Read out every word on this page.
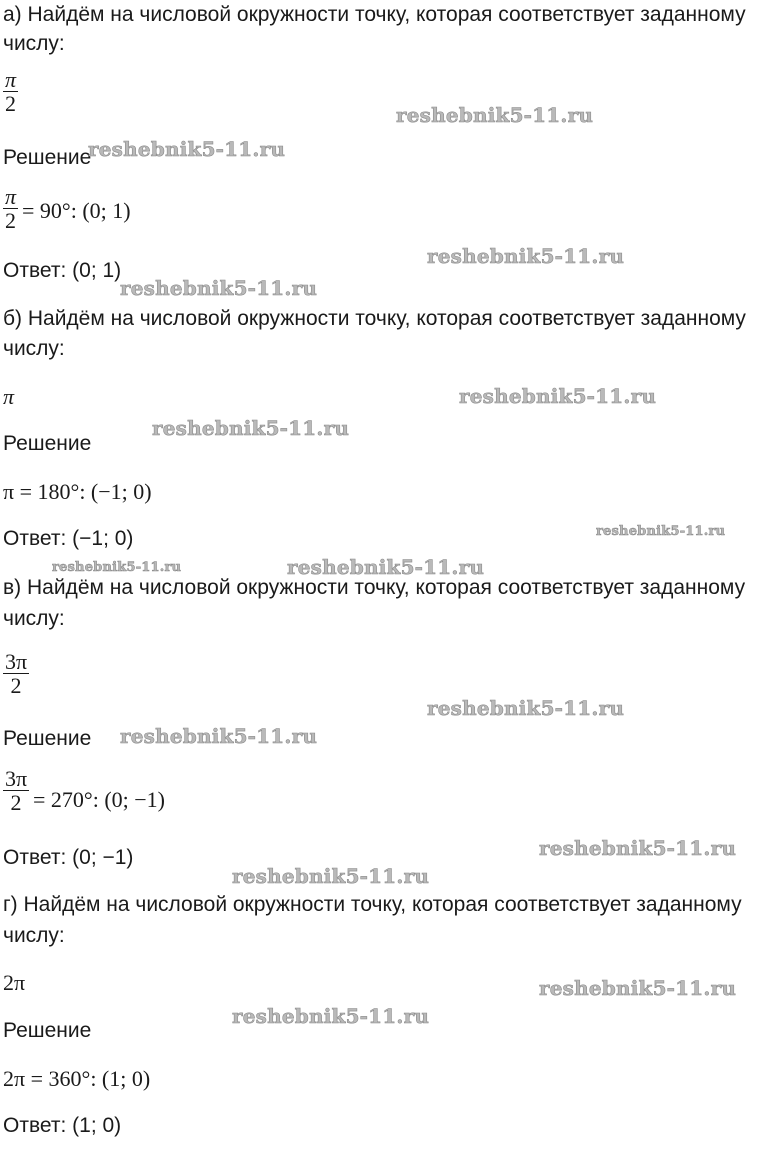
а) Найдём на числовой окружности точку, которая соответствует заданному
числу:
$\frac{\pi}{2}$
Решение
$\frac{\pi}{2} = 90^\circ$: (0; 1)
Ответ: (0; 1)
б) Найдём на числовой окружности точку, которая соответствует заданному
числу:
π
Решение
π = 180°: (−1; 0)
Ответ: (−1; 0)
в) Найдём на числовой окружности точку, которая соответствует заданному
числу:
$\frac{3\pi}{2}$
Решение
$\frac{3\pi}{2} = 270^\circ$: (0; −1)
Ответ: (0; −1)
г) Найдём на числовой окружности точку, которая соответствует заданному
числу:
2π
Решение
2π = 360°: (1; 0)
Ответ: (1; 0)
reshebnik5-11.ru
reshebnik5-11.ru
reshebnik5-11.ru
reshebnik5-11.ru
reshebnik5-11.ru
reshebnik5-11.ru
reshebnik5-11.ru
reshebnik5-11.ru	reshebnik5-11.ru
reshebnik5-11.ru
reshebnik5-11.ru
reshebnik5-11.ru
reshebnik5-11.ru
reshebnik5-11.ru
reshebnik5-11.ru
